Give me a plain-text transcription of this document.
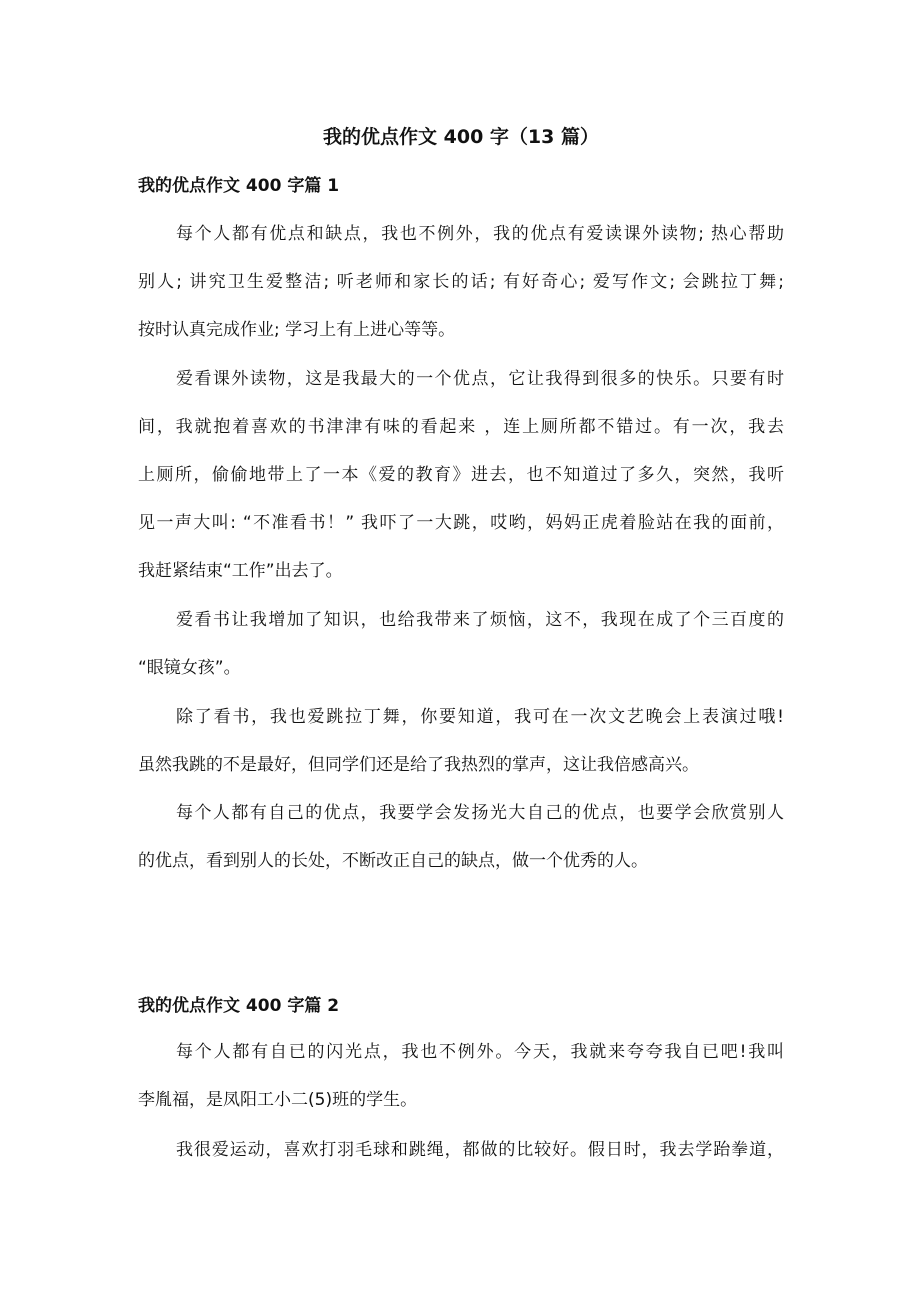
我的优点作文 400 字（13 篇）
我的优点作文 400 字篇 1

每个人都有优点和缺点，我也不例外，我的优点有爱读课外读物; 热心帮助
别人; 讲究卫生爱整洁; 听老师和家长的话; 有好奇心; 爱写作文; 会跳拉丁舞;
按时认真完成作业; 学习上有上进心等等。

爱看课外读物，这是我最大的一个优点，它让我得到很多的快乐。只要有时
间，我就抱着喜欢的书津津有味的看起来 ，连上厕所都不错过。有一次，我去
上厕所，偷偷地带上了一本《爱的教育》进去，也不知道过了多久，突然，我听
见一声大叫: “不准看书！” 我吓了一大跳，哎哟，妈妈正虎着脸站在我的面前，
我赶紧结束“工作”出去了。

爱看书让我增加了知识，也给我带来了烦恼，这不，我现在成了个三百度的
“眼镜女孩”。

除了看书，我也爱跳拉丁舞，你要知道，我可在一次文艺晚会上表演过哦!
虽然我跳的不是最好，但同学们还是给了我热烈的掌声，这让我倍感高兴。

每个人都有自己的优点，我要学会发扬光大自己的优点，也要学会欣赏别人
的优点，看到别人的长处，不断改正自己的缺点，做一个优秀的人。

我的优点作文 400 字篇 2

每个人都有自已的闪光点，我也不例外。今天，我就来夸夸我自已吧!我叫
李胤福，是凤阳工小二(5)班的学生。

我很爱运动，喜欢打羽毛球和跳绳，都做的比较好。假日时，我去学跆拳道，
